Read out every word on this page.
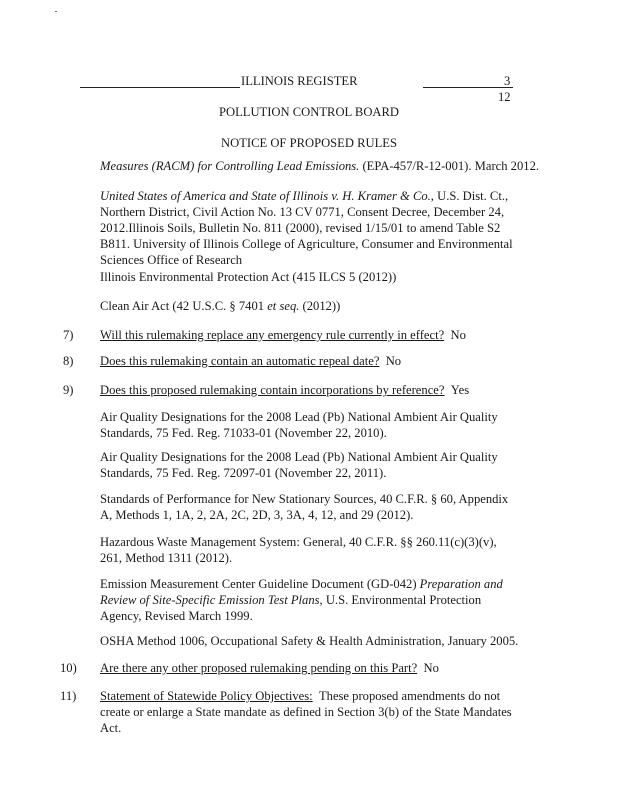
ILLINOIS REGISTER	3
12
POLLUTION CONTROL BOARD
NOTICE OF PROPOSED RULES
Measures (RACM) for Controlling Lead Emissions. (EPA-457/R-12-001). March 2012.
United States of America and State of Illinois v. H. Kramer & Co., U.S. Dist. Ct., Northern District, Civil Action No. 13 CV 0771, Consent Decree, December 24, 2012.Illinois Soils, Bulletin No. 811 (2000), revised 1/15/01 to amend Table S2 B811. University of Illinois College of Agriculture, Consumer and Environmental Sciences Office of Research
Illinois Environmental Protection Act (415 ILCS 5 (2012))
Clean Air Act (42 U.S.C. § 7401 et seq. (2012))
7) Will this rulemaking replace any emergency rule currently in effect? No
8) Does this rulemaking contain an automatic repeal date? No
9) Does this proposed rulemaking contain incorporations by reference? Yes
Air Quality Designations for the 2008 Lead (Pb) National Ambient Air Quality Standards, 75 Fed. Reg. 71033-01 (November 22, 2010).
Air Quality Designations for the 2008 Lead (Pb) National Ambient Air Quality Standards, 75 Fed. Reg. 72097-01 (November 22, 2011).
Standards of Performance for New Stationary Sources, 40 C.F.R. § 60, Appendix A, Methods 1, 1A, 2, 2A, 2C, 2D, 3, 3A, 4, 12, and 29 (2012).
Hazardous Waste Management System: General, 40 C.F.R. §§ 260.11(c)(3)(v), 261, Method 1311 (2012).
Emission Measurement Center Guideline Document (GD-042) Preparation and Review of Site-Specific Emission Test Plans, U.S. Environmental Protection Agency, Revised March 1999.
OSHA Method 1006, Occupational Safety & Health Administration, January 2005.
10) Are there any other proposed rulemaking pending on this Part? No
11) Statement of Statewide Policy Objectives: These proposed amendments do not create or enlarge a State mandate as defined in Section 3(b) of the State Mandates Act.
